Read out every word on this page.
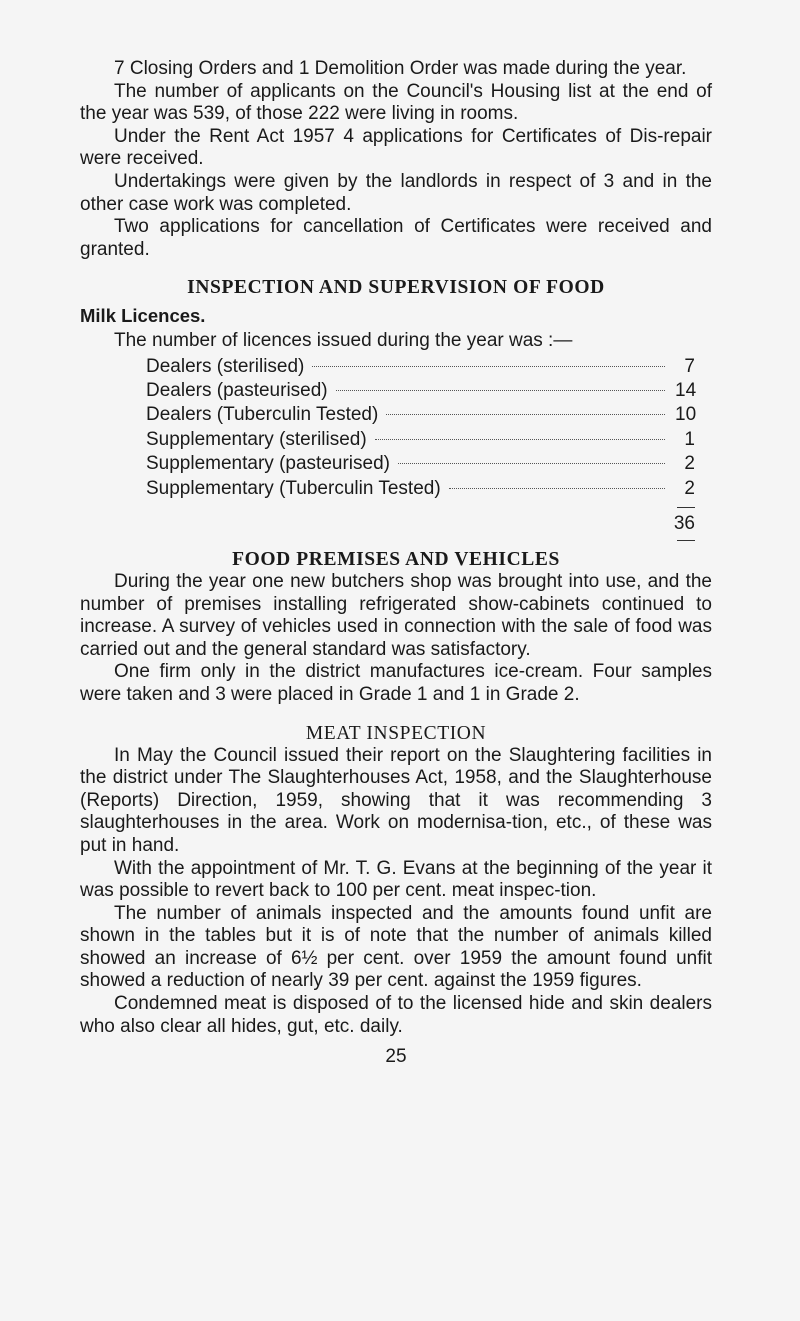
7 Closing Orders and 1 Demolition Order was made during the year.

The number of applicants on the Council's Housing list at the end of the year was 539, of those 222 were living in rooms.

Under the Rent Act 1957 4 applications for Certificates of Dis-repair were received.

Undertakings were given by the landlords in respect of 3 and in the other case work was completed.

Two applications for cancellation of Certificates were received and granted.

INSPECTION AND SUPERVISION OF FOOD

Milk Licences.

The number of licences issued during the year was :—

Dealers (sterilised)	7
Dealers (pasteurised)	14
Dealers (Tuberculin Tested)	10
Supplementary (sterilised)	1
Supplementary (pasteurised)	2
Supplementary (Tuberculin Tested)	2
36
FOOD PREMISES AND VEHICLES

During the year one new butchers shop was brought into use, and the number of premises installing refrigerated show-cabinets continued to increase. A survey of vehicles used in connection with the sale of food was carried out and the general standard was satisfactory.

One firm only in the district manufactures ice-cream. Four samples were taken and 3 were placed in Grade 1 and 1 in Grade 2.

MEAT INSPECTION

In May the Council issued their report on the Slaughtering facilities in the district under The Slaughterhouses Act, 1958, and the Slaughterhouse (Reports) Direction, 1959, showing that it was recommending 3 slaughterhouses in the area. Work on modernisa-tion, etc., of these was put in hand.

With the appointment of Mr. T. G. Evans at the beginning of the year it was possible to revert back to 100 per cent. meat inspec-tion.

The number of animals inspected and the amounts found unfit are shown in the tables but it is of note that the number of animals killed showed an increase of 6½ per cent. over 1959 the amount found unfit showed a reduction of nearly 39 per cent. against the 1959 figures.

Condemned meat is disposed of to the licensed hide and skin dealers who also clear all hides, gut, etc. daily.

25
